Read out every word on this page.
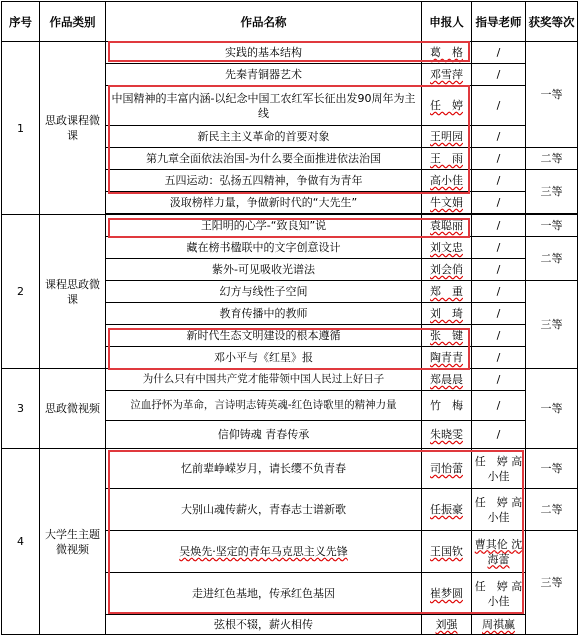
序号	作品类别	作品名称	申报人	指导老师	获奖等次
1	思政课程微课	实践的基本结构	葛　格	/	一等
		先秦青铜器艺术	邓雪萍	/	
		中国精神的丰富内涵-以纪念中国工农红军长征出发90周年为主线	任　婷	/	
		新民主主义革命的首要对象	王明园	/	
		第九章全面依法治国-为什么要全面推进依法治国	王　雨	/	二等
		五四运动：弘扬五四精神，争做有为青年	高小佳	/	三等
		汲取榜样力量，争做新时代的“大先生”	牛文娟	/	

2	课程思政微课	王阳明的心学-“致良知”说	袁聪丽	/	一等
		藏在榜书楹联中的文字创意设计	刘文忠	/	二等
		紫外-可见吸收光谱法	刘会俏	/	
		幻方与线性子空间	郑　重	/	三等
		教育传播中的教师	刘　琦	/	
		新时代生态文明建设的根本遵循	张　键	/	
		邓小平与《红星》报	陶青青	/	
3	思政微视频	为什么只有中国共产党才能带领中国人民过上好日子	郑晨晨	/	一等
		泣血抒怀为革命，言诗明志铸英魂-红色诗歌里的精神力量	竹　梅	/	
		信仰铸魂 青春传承	朱晓雯	/	
4	大学生主题微视频	忆前辈峥嵘岁月，请长缨不负青春	司怡蕾	任　婷 高小佳	一等
		大别山魂传薪火，青春志士谱新歌	任振豪	任　婷 高小佳	二等
		吴焕先·坚定的青年马克思主义先锋	王国钦	曹其伦 沈海蕾	三等
		走进红色基地，传承红色基因	崔梦圆	任　婷 高小佳	
		弦根不辍，薪火相传	刘强	周祺赢	
